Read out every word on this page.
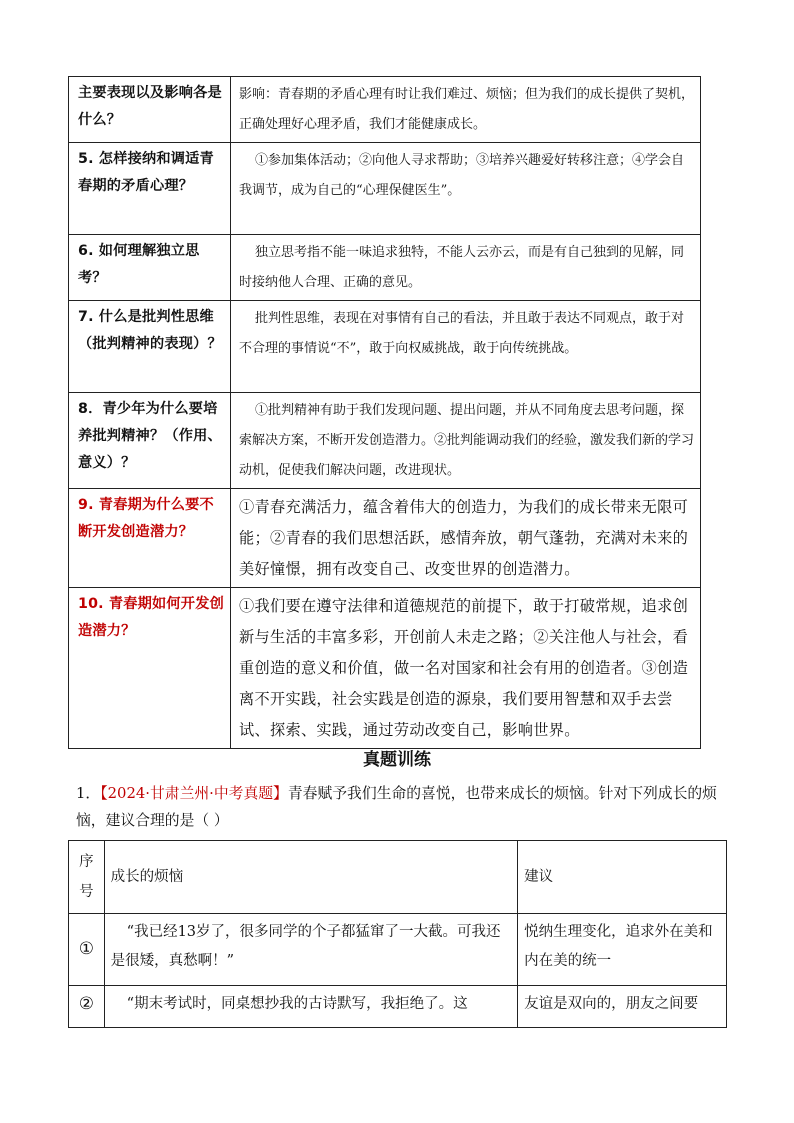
主要表现以及影响各是什么？	影响：青春期的矛盾心理有时让我们难过、烦恼；但为我们的成长提供了契机，正确处理好心理矛盾，我们才能健康成长。
5. 怎样接纳和调适青春期的矛盾心理？	①参加集体活动；②向他人寻求帮助；③培养兴趣爱好转移注意；④学会自我调节，成为自己的“心理保健医生”。
6. 如何理解独立思考？	独立思考指不能一味追求独特，不能人云亦云，而是有自己独到的见解，同时接纳他人合理、正确的意见。
7. 什么是批判性思维（批判精神的表现）？	批判性思维，表现在对事情有自己的看法，并且敢于表达不同观点，敢于对不合理的事情说“不”，敢于向权威挑战，敢于向传统挑战。
8．青少年为什么要培养批判精神？（作用、意义）？	①批判精神有助于我们发现问题、提出问题，并从不同角度去思考问题，探索解决方案，不断开发创造潜力。②批判能调动我们的经验，激发我们新的学习动机，促使我们解决问题，改进现状。
9. 青春期为什么要不断开发创造潜力？	①青春充满活力，蕴含着伟大的创造力，为我们的成长带来无限可能；②青春的我们思想活跃，感情奔放，朝气蓬勃，充满对未来的美好憧憬，拥有改变自己、改变世界的创造潜力。
10. 青春期如何开发创造潜力？	①我们要在遵守法律和道德规范的前提下，敢于打破常规，追求创新与生活的丰富多彩，开创前人未走之路；②关注他人与社会，看重创造的意义和价值，做一名对国家和社会有用的创造者。③创造离不开实践，社会实践是创造的源泉，我们要用智慧和双手去尝试、探索、实践，通过劳动改变自己，影响世界。
真题训练
1．【2024·甘肃兰州·中考真题】青春赋予我们生命的喜悦，也带来成长的烦恼。针对下列成长的烦恼，建议合理的是（ ）
序号	成长的烦恼	建议
①	“我已经13岁了，很多同学的个子都猛窜了一大截。可我还是很矮，真愁啊！”	悦纳生理变化，追求外在美和内在美的统一
②	“期末考试时，同桌想抄我的古诗默写，我拒绝了。这	友谊是双向的，朋友之间要
